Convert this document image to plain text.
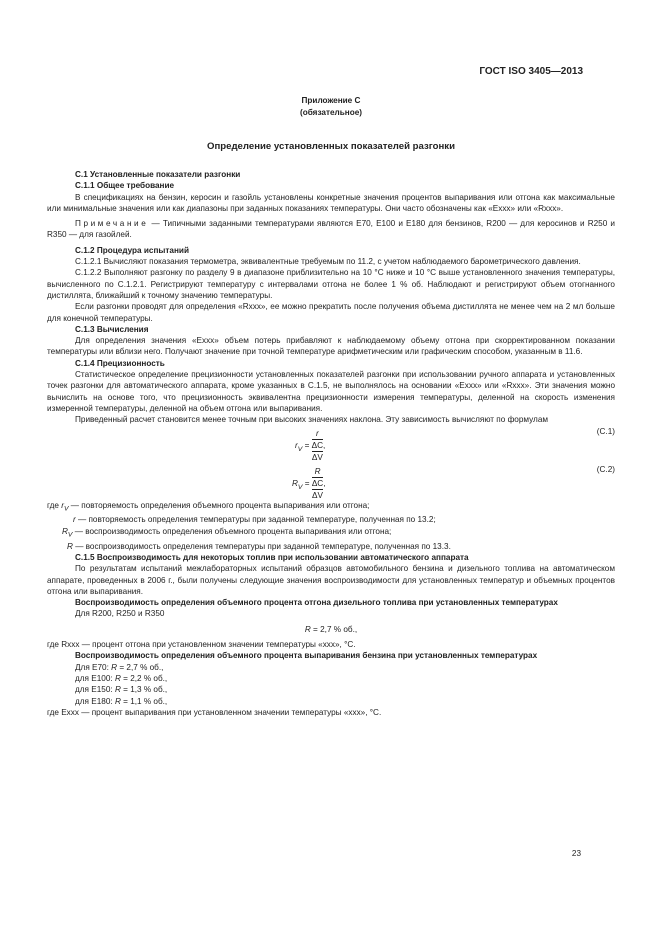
ГОСТ ISO 3405—2013
Приложение С
(обязательное)
Определение установленных показателей разгонки

С.1 Установленные показатели разгонки

С.1.1 Общее требование

В спецификациях на бензин, керосин и газойль установлены конкретные значения процентов выпаривания или отгона как максимальные или минимальные значения или как диапазоны при заданных показаниях температуры. Они часто обозначены как «Ехxx» или «Rxxx».

Примечание — Типичными заданными температурами являются Е70, Е100 и Е180 для бензинов, R200 — для керосинов и R250 и R350 — для газойлей.

С.1.2 Процедура испытаний

С.1.2.1 Вычисляют показания термометра, эквивалентные требуемым по 11.2, с учетом наблюдаемого барометрического давления.

С.1.2.2 Выполняют разгонку по разделу 9 в диапазоне приблизительно на 10 °С ниже и 10 °С выше установленного значения температуры, вычисленного по С.1.2.1. Регистрируют температуру с интервалами отгона не более 1 % об. Наблюдают и регистрируют объем отогнанного дистиллята, ближайший к точному значению температуры.

Если разгонки проводят для определения «Rxxx», ее можно прекратить после получения объема дистиллята не менее чем на 2 мл больше для конечной температуры.

С.1.3 Вычисления

Для определения значения «Ехxx» объем потерь прибавляют к наблюдаемому объему отгона при скорректированном показании температуры или вблизи него. Получают значение при точной температуре арифметическим или графическим способом, указанным в 11.6.

С.1.4 Прецизионность

Статистическое определение прецизионности установленных показателей разгонки при использовании ручного аппарата и установленных точек разгонки для автоматического аппарата, кроме указанных в С.1.5, не выполнялось на основании «Ехxx» или «Rxxx». Эти значения можно вычислить на основе того, что прецизионность эквивалентна прецизионности измерения температуры, деленной на скорость изменения измеренной температуры, деленной на объем отгона или выпаривания.

Приведенный расчет становится менее точным при высоких значениях наклона. Эту зависимость вычисляют по формулам

$r_V = \frac{r}{\frac{\Delta C}{\Delta V}}$ ,
(С.1)
$R_V = \frac{R}{\frac{\Delta C}{\Delta V}}$ ,
(С.2)
где $r_V$ — повторяемость определения объемного процента выпаривания или отгона;
r — повторяемость определения температуры при заданной температуре, полученная по 13.2;
$R_V$ — воспроизводимость определения объемного процента выпаривания или отгона;
R — воспроизводимость определения температуры при заданной температуре, полученная по 13.3.

С.1.5 Воспроизводимость для некоторых топлив при использовании автоматического аппарата

По результатам испытаний межлабораторных испытаний образцов автомобильного бензина и дизельного топлива на автоматическом аппарате, проведенных в 2006 г., были получены следующие значения воспроизводимости для установленных температур и объемных процентов отгона или выпаривания.

Воспроизводимость определения объемного процента отгона дизельного топлива при установленных температурах

Для R200, R250 и R350

R = 2,7 % об.,
где Rxxx — процент отгона при установленном значении температуры «xxx», °С.

Воспроизводимость определения объемного процента выпаривания бензина при установленных температурах

Для Е70: R = 2,7 % об.,
для Е100: R = 2,2 % об.,
для Е150: R = 1,3 % об.,
для Е180: R = 1,1 % об.,
где Ехxx — процент выпаривания при установленном значении температуры «xxx», °С.
23
